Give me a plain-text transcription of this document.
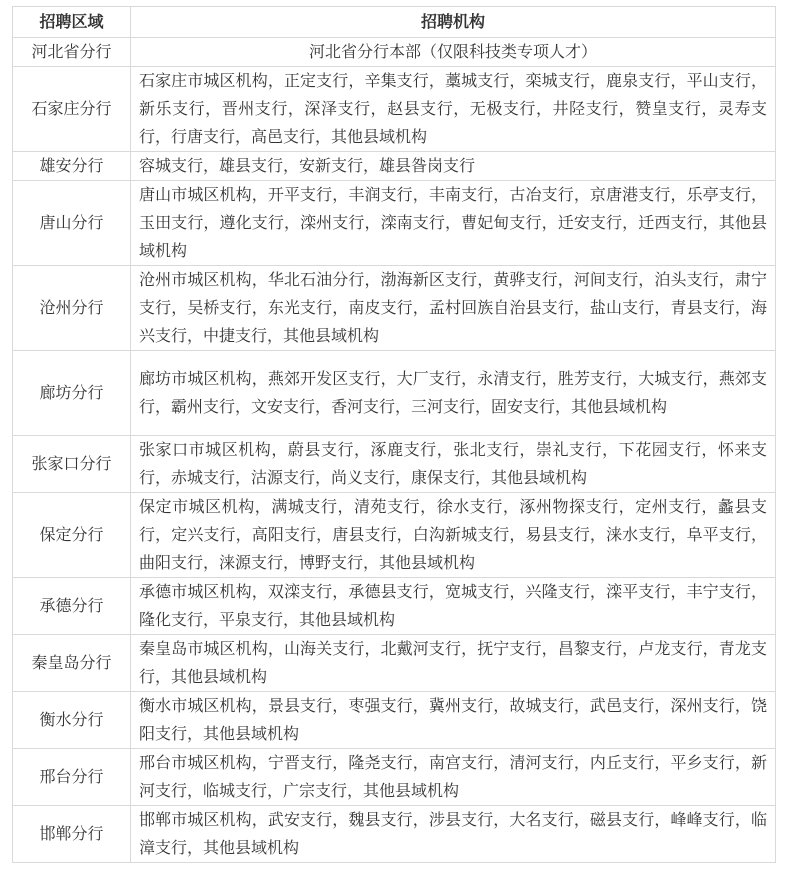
招聘区域	招聘机构
河北省分行	河北省分行本部（仅限科技类专项人才）
石家庄分行	石家庄市城区机构，正定支行，辛集支行，藁城支行，栾城支行，鹿泉支行，平山支行，新乐支行，晋州支行，深泽支行，赵县支行，无极支行，井陉支行，赞皇支行，灵寿支行，行唐支行，高邑支行，其他县域机构
雄安分行	容城支行，雄县支行，安新支行，雄县昝岗支行
唐山分行	唐山市城区机构，开平支行，丰润支行，丰南支行，古冶支行，京唐港支行，乐亭支行，玉田支行，遵化支行，滦州支行，滦南支行，曹妃甸支行，迁安支行，迁西支行，其他县域机构
沧州分行	沧州市城区机构，华北石油分行，渤海新区支行，黄骅支行，河间支行，泊头支行，肃宁支行，吴桥支行，东光支行，南皮支行，孟村回族自治县支行，盐山支行，青县支行，海兴支行，中捷支行，其他县域机构
廊坊分行	廊坊市城区机构，燕郊开发区支行，大厂支行，永清支行，胜芳支行，大城支行，燕郊支行，霸州支行，文安支行，香河支行，三河支行，固安支行，其他县域机构
张家口分行	张家口市城区机构，蔚县支行，涿鹿支行，张北支行，崇礼支行，下花园支行，怀来支行，赤城支行，沽源支行，尚义支行，康保支行，其他县域机构
保定分行	保定市城区机构，满城支行，清苑支行，徐水支行，涿州物探支行，定州支行，蠡县支行，定兴支行，高阳支行，唐县支行，白沟新城支行，易县支行，涞水支行，阜平支行，曲阳支行，涞源支行，博野支行，其他县域机构
承德分行	承德市城区机构，双滦支行，承德县支行，宽城支行，兴隆支行，滦平支行，丰宁支行，隆化支行，平泉支行，其他县域机构
秦皇岛分行	秦皇岛市城区机构，山海关支行，北戴河支行，抚宁支行，昌黎支行，卢龙支行，青龙支行，其他县域机构
衡水分行	衡水市城区机构，景县支行，枣强支行，冀州支行，故城支行，武邑支行，深州支行，饶阳支行，其他县域机构
邢台分行	邢台市城区机构，宁晋支行，隆尧支行，南宫支行，清河支行，内丘支行，平乡支行，新河支行，临城支行，广宗支行，其他县域机构
邯郸分行	邯郸市城区机构，武安支行，魏县支行，涉县支行，大名支行，磁县支行，峰峰支行，临漳支行，其他县域机构
